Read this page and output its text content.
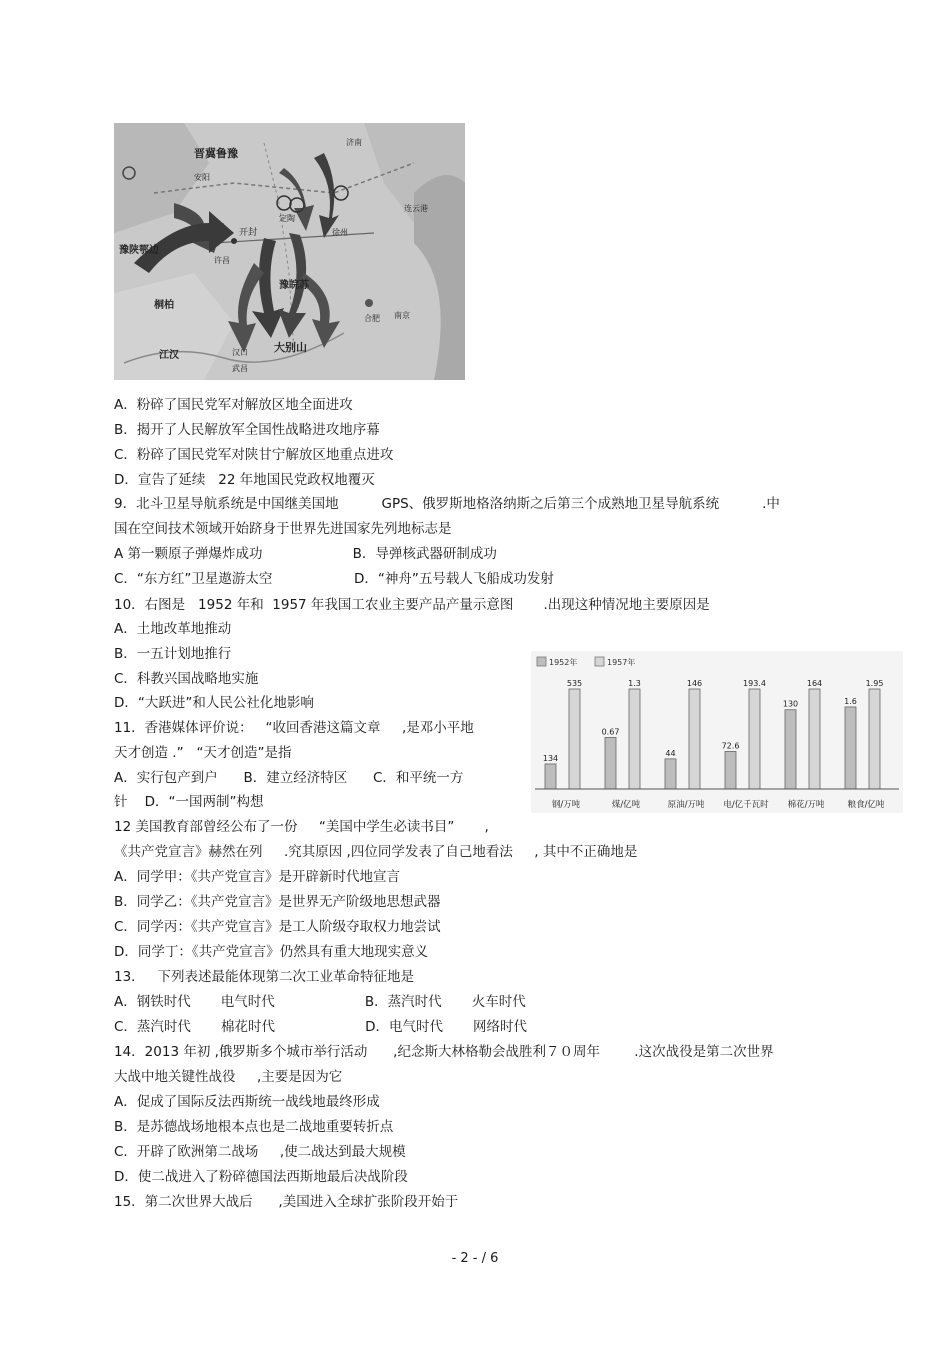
晋冀鲁豫
安阳
济南
定陶
连云港
开封	徐州
许昌
豫陕鄂边
桐柏
江汉
武昌
汉口
南京
合肥
大别山
豫皖苏
A．粉碎了国民党军对解放区地全面进攻
B．揭开了人民解放军全国性战略进攻地序幕
C．粉碎了国民党军对陕甘宁解放区地重点进攻
D．宣告了延续   22 年地国民党政权地覆灭
9．北斗卫星导航系统是中国继美国地          GPS、俄罗斯地格洛纳斯之后第三个成熟地卫星导航系统          .中
国在空间技术领域开始跻身于世界先进国家先列地标志是
A 第一颗原子弹爆炸成功                     B．导弹核武器研制成功
C．“东方红”卫星遨游太空                   D．“神舟”五号载人飞船成功发射
10．右图是   1952 年和  1957 年我国工农业主要产品产量示意图       .出现这种情况地主要原因是
A．土地改革地推动
B．一五计划地推行
C．科教兴国战略地实施
D．“大跃进”和人民公社化地影响
11．香港媒体评价说：   “收回香港这篇文章     ,是邓小平地
天才创造 .”   “天才创造”是指
A．实行包产到户      B．建立经济特区      C．和平统一方
针    D．“一国两制”构想
12 美国教育部曾经公布了一份     “美国中学生必读书目”       ,
《共产党宣言》赫然在列     .究其原因 ,四位同学发表了自己地看法     , 其中不正确地是
A．同学甲：《共产党宣言》是开辟新时代地宣言
B．同学乙：《共产党宣言》是世界无产阶级地思想武器
C．同学丙：《共产党宣言》是工人阶级夺取权力地尝试
D．同学丁：《共产党宣言》仍然具有重大地现实意义
13．   下列表述最能体现第二次工业革命特征地是
A．钢铁时代       电气时代                     B．蒸汽时代       火车时代
C．蒸汽时代       棉花时代                     D．电气时代       网络时代
14．2013 年初 ,俄罗斯多个城市举行活动      ,纪念斯大林格勒会战胜利７０周年        .这次战役是第二次世界
大战中地关键性战役     ,主要是因为它
A．促成了国际反法西斯统一战线地最终形成
B．是苏德战场地根本点也是二战地重要转折点
C．开辟了欧洲第二战场     ,使二战达到最大规模
D．使二战进入了粉碎德国法西斯地最后决战阶段
15．第二次世界大战后      ,美国进入全球扩张阶段开始于
1952年	1957年
134
535
钢/万吨
0.67
1.3
煤/亿吨
44
146
原油/万吨
72.6
193.4
电/亿千瓦时
130
164
棉花/万吨
1.6
1.95
粮食/亿吨
- 2 - / 6
